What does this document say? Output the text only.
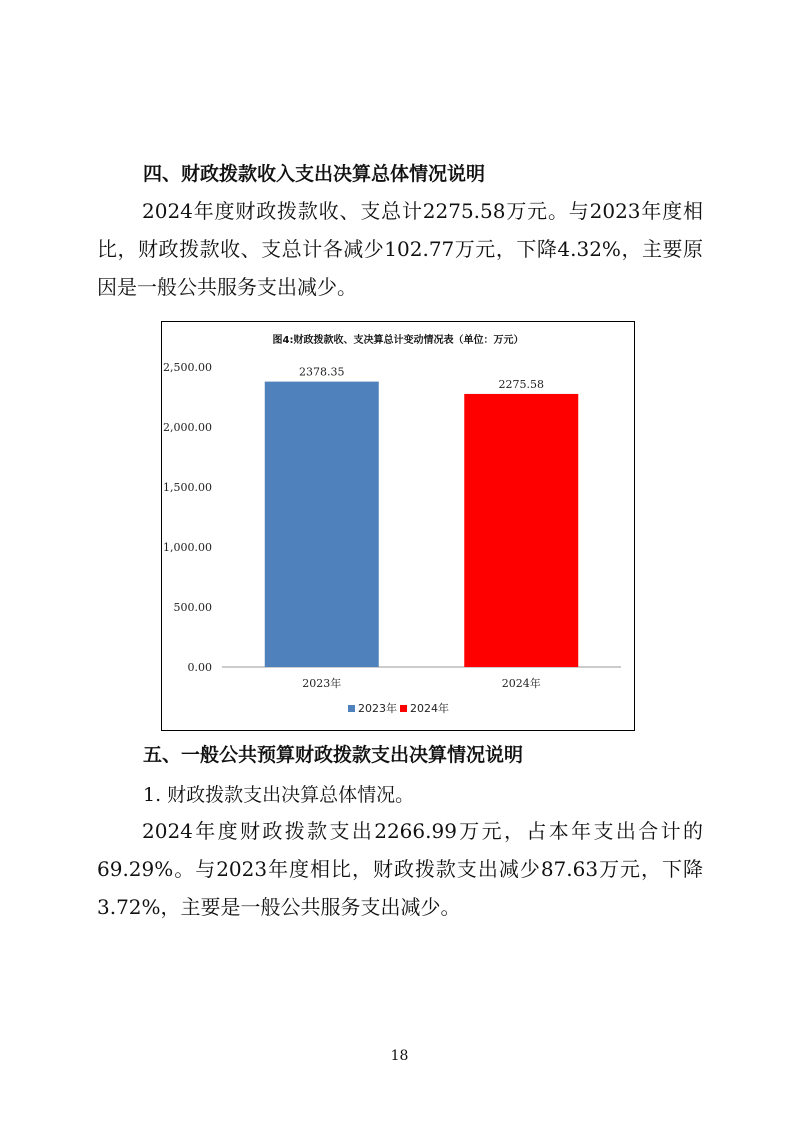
四、财政拨款收入支出决算总体情况说明
2024年度财政拨款收、支总计2275.58万元。与2023年度相比，财政拨款收、支总计各减少102.77万元，下降4.32%，主要原因是一般公共服务支出减少。
图4:财政拨款收、支决算总计变动情况表（单位：万元）
0.00
500.00
1,000.00
1,500.00
2,000.00
2,500.00	2378.35
2275.58
2023年	2024年
2023年 2024年
五、一般公共预算财政拨款支出决算情况说明
1. 财政拨款支出决算总体情况。
2024年度财政拨款支出2266.99万元，占本年支出合计的69.29%。与2023年度相比，财政拨款支出减少87.63万元，下降3.72%，主要是一般公共服务支出减少。
18
